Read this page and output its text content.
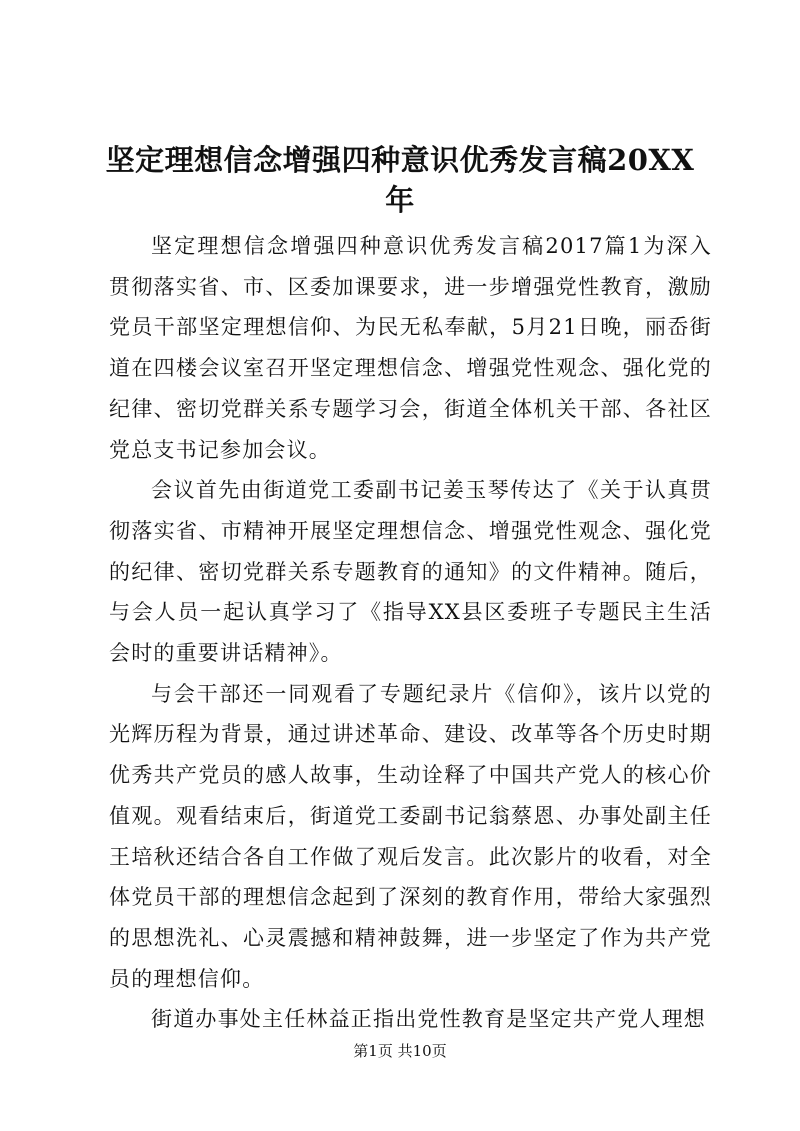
坚定理想信念增强四种意识优秀发言稿20XX年

坚定理想信念增强四种意识优秀发言稿2017篇1为深入贯彻落实省、市、区委加课要求，进一步增强党性教育，激励党员干部坚定理想信仰、为民无私奉献，5月21日晚，丽岙街道在四楼会议室召开坚定理想信念、增强党性观念、强化党的纪律、密切党群关系专题学习会，街道全体机关干部、各社区党总支书记参加会议。

会议首先由街道党工委副书记姜玉琴传达了《关于认真贯彻落实省、市精神开展坚定理想信念、增强党性观念、强化党的纪律、密切党群关系专题教育的通知》的文件精神。随后，与会人员一起认真学习了《指导XX县区委班子专题民主生活会时的重要讲话精神》。

与会干部还一同观看了专题纪录片《信仰》，该片以党的光辉历程为背景，通过讲述革命、建设、改革等各个历史时期优秀共产党员的感人故事，生动诠释了中国共产党人的核心价值观。观看结束后，街道党工委副书记翁蔡恩、办事处副主任王培秋还结合各自工作做了观后发言。此次影片的收看，对全体党员干部的理想信念起到了深刻的教育作用，带给大家强烈的思想洗礼、心灵震撼和精神鼓舞，进一步坚定了作为共产党员的理想信仰。

街道办事处主任林益正指出党性教育是坚定共产党人理想

第1页 共10页
